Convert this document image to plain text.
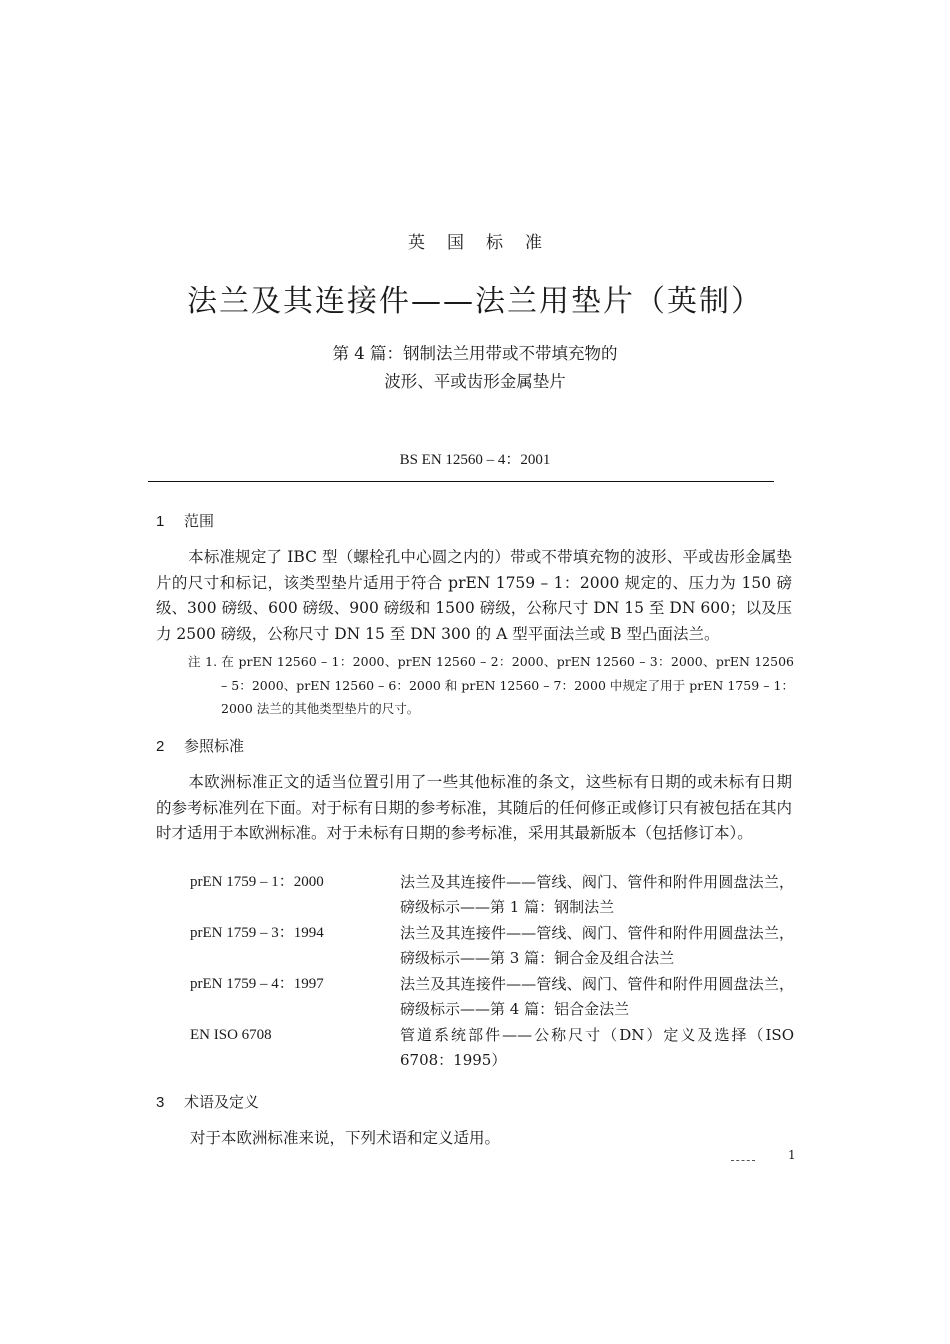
英国标准
法兰及其连接件——法兰用垫片（英制）
第 4 篇：钢制法兰用带或不带填充物的
波形、平或齿形金属垫片
BS EN 12560 – 4：2001
1 范围
本标准规定了 IBC 型（螺栓孔中心圆之内的）带或不带填充物的波形、平或齿形金属垫片的尺寸和标记，该类型垫片适用于符合 prEN 1759 – 1：2000 规定的、压力为 150 磅级、300 磅级、600 磅级、900 磅级和 1500 磅级，公称尺寸 DN 15 至 DN 600；以及压力 2500 磅级，公称尺寸 DN 15 至 DN 300 的 A 型平面法兰或 B 型凸面法兰。
注 1. 在 prEN 12560 – 1：2000、prEN 12560 – 2：2000、prEN 12560 – 3：2000、prEN 12506 – 5：2000、prEN 12560 – 6：2000 和 prEN 12560 – 7：2000 中规定了用于 prEN 1759 – 1：2000 法兰的其他类型垫片的尺寸。
2 参照标准
本欧洲标准正文的适当位置引用了一些其他标准的条文，这些标有日期的或未标有日期的参考标准列在下面。对于标有日期的参考标准，其随后的任何修正或修订只有被包括在其内时才适用于本欧洲标准。对于未标有日期的参考标准，采用其最新版本（包括修订本）。
prEN 1759 – 1：2000	法兰及其连接件——管线、阀门、管件和附件用圆盘法兰，磅级标示——第 1 篇：钢制法兰
prEN 1759 – 3：1994	法兰及其连接件——管线、阀门、管件和附件用圆盘法兰，磅级标示——第 3 篇：铜合金及组合法兰
prEN 1759 – 4：1997	法兰及其连接件——管线、阀门、管件和附件用圆盘法兰，磅级标示——第 4 篇：铝合金法兰
EN ISO 6708	管道系统部件——公称尺寸（DN）定义及选择（ISO 6708：1995）
3 术语及定义
对于本欧洲标准来说，下列术语和定义适用。
1
